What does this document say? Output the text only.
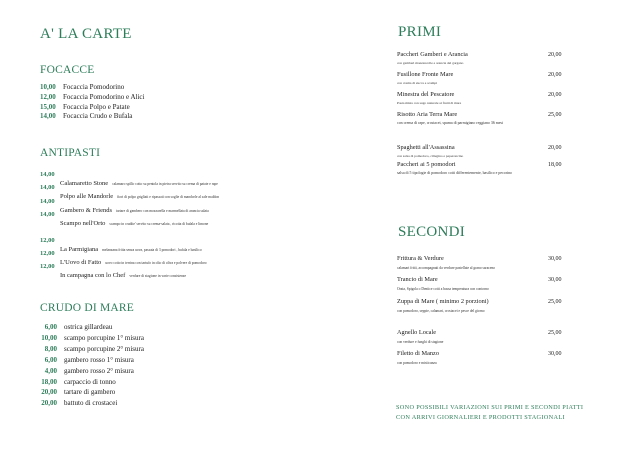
A' LA CARTE
FOCACCE
10,00 Focaccia Pomodorino
12,00 Focaccia Pomodorino e Alici
15,00 Focaccia Polpo e Patate
14,00 Focaccia Crudo e Bufala
ANTIPASTI
14,00
Calamaretto Stone calamaro spillo cotto su pentola in pietra servito su crema di patate e rape
14,00
Polpo alle Mandorle fiori di polpo grigliati e ripassati con soglie di mandorle al sale maldon
14,00
Gambero & Friends tartare di gambero con mozzarella e marmellata di arancia salata
14,00
Scampo nell'Orto scampo in crudite' servito su crema-salata , ricotta di bufala e limone
12,00
La Parmigiana melanzana fritta senza uova, passata di 3 pomodori , bufala e basilico
12,00
L'Uovo di Fatto uovo cotto in terrina con tartufo in olio di oliva e polvere di pomodoro
12,00
In campagna con lo Chef verdure di stagione in varie consistenze
CRUDO DI MARE
6,00 ostrica gillardeau
10,00 scampo porcupine 1° misura
8,00 scampo porcupine 2° misura
6,00 gambero rosso 1° misura
4,00 gambero rosso 2° misura
18,00 carpaccio di tonno
20,00 tartare di gambero
20,00 battuto di crostacei
PRIMI
Paccheri Gamberi e Arancia	20,00
con gamberi mazzancolle e arancia del gargano
Fusillone Fronte Mare	20,00
con crema di zucca e scampi
Minestra del Pescatore	20,00
Pasta mista con sugo naturale ai frutti di mare
Risotto Aria Terra Mare	25,00
con crema di rape, crostacei, spuma di parmigiano reggiano 36 mesi
Spaghetti all'Assassina	20,00
con salsa di pomodoro, ciliegino e peperoncino
Paccheri ai 5 pomodori	18,00
salsa di 5 tipologie di pomodoro cotti differentemente, basilico e pecorino
SECONDI
Frittura & Verdure	30,00
calamari fritti, accompagnati da verdure pastellate al grano saraceno
Trancio di Mare	30,00
Orata, Spigola o Dentice cotti a bassa temperatura con contorno
Zuppa di Mare ( minimo 2 porzioni)	25,00
con pomodoro, seppie, calamari, crostacei e pesce del giorno
Agnello Locale	25,00
con verdure e funghi di stagione
Filetto di Manzo	30,00
con pomodoro e misticanza
SONO POSSIBILI VARIAZIONI SUI PRIMI E SECONDI PIATTI
CON ARRIVI GIORNALIERI E PRODOTTI STAGIONALI
